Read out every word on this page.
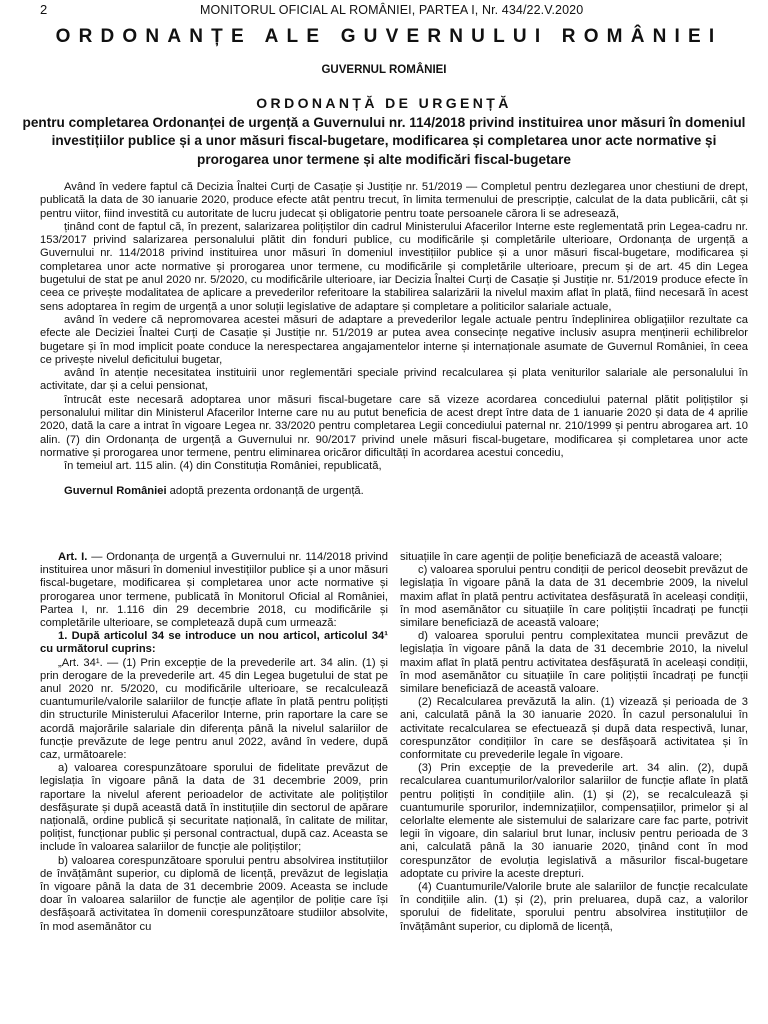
2	MONITORUL OFICIAL AL ROMÂNIEI, PARTEA I, Nr. 434/22.V.2020
ORDONANȚE ALE GUVERNULUI ROMÂNIEI
GUVERNUL ROMÂNIEI
ORDONANȚĂ DE URGENȚĂ
pentru completarea Ordonanței de urgență a Guvernului nr. 114/2018 privind instituirea unor măsuri în domeniul investițiilor publice și a unor măsuri fiscal-bugetare, modificarea și completarea unor acte normative și prorogarea unor termene și alte modificări fiscal-bugetare

Având în vedere faptul că Decizia Înaltei Curți de Casație și Justiție nr. 51/2019 — Completul pentru dezlegarea unor chestiuni de drept, publicată la data de 30 ianuarie 2020, produce efecte atât pentru trecut, în limita termenului de prescripție, calculat de la data publicării, cât și pentru viitor, fiind investită cu autoritate de lucru judecat și obligatorie pentru toate persoanele cărora li se adresează,

ținând cont de faptul că, în prezent, salarizarea polițiștilor din cadrul Ministerului Afacerilor Interne este reglementată prin Legea-cadru nr. 153/2017 privind salarizarea personalului plătit din fonduri publice, cu modificările și completările ulterioare, Ordonanța de urgență a Guvernului nr. 114/2018 privind instituirea unor măsuri în domeniul investițiilor publice și a unor măsuri fiscal-bugetare, modificarea și completarea unor acte normative și prorogarea unor termene, cu modificările și completările ulterioare, precum și de art. 45 din Legea bugetului de stat pe anul 2020 nr. 5/2020, cu modificările ulterioare, iar Decizia Înaltei Curți de Casație și Justiție nr. 51/2019 produce efecte în ceea ce privește modalitatea de aplicare a prevederilor referitoare la stabilirea salarizării la nivelul maxim aflat în plată, fiind necesară în acest sens adoptarea în regim de urgență a unor soluții legislative de adaptare și completare a politicilor salariale actuale,

având în vedere că nepromovarea acestei măsuri de adaptare a prevederilor legale actuale pentru îndeplinirea obligațiilor rezultate ca efecte ale Deciziei Înaltei Curți de Casație și Justiție nr. 51/2019 ar putea avea consecințe negative inclusiv asupra menținerii echilibrelor bugetare și în mod implicit poate conduce la nerespectarea angajamentelor interne și internaționale asumate de Guvernul României, în ceea ce privește nivelul deficitului bugetar,

având în atenție necesitatea instituirii unor reglementări speciale privind recalcularea și plata veniturilor salariale ale personalului în activitate, dar și a celui pensionat,

întrucât este necesară adoptarea unor măsuri fiscal-bugetare care să vizeze acordarea concediului paternal plătit polițiștilor și personalului militar din Ministerul Afacerilor Interne care nu au putut beneficia de acest drept între data de 1 ianuarie 2020 și data de 4 aprilie 2020, dată la care a intrat în vigoare Legea nr. 33/2020 pentru completarea Legii concediului paternal nr. 210/1999 și pentru abrogarea art. 10 alin. (7) din Ordonanța de urgență a Guvernului nr. 90/2017 privind unele măsuri fiscal-bugetare, modificarea și completarea unor acte normative și prorogarea unor termene, pentru eliminarea oricăror dificultăți în acordarea acestui concediu,

în temeiul art. 115 alin. (4) din Constituția României, republicată,

Guvernul României adoptă prezenta ordonanță de urgență.

Art. I. — Ordonanța de urgență a Guvernului nr. 114/2018 privind instituirea unor măsuri în domeniul investițiilor publice și a unor măsuri fiscal-bugetare, modificarea și completarea unor acte normative și prorogarea unor termene, publicată în Monitorul Oficial al României, Partea I, nr. 1.116 din 29 decembrie 2018, cu modificările și completările ulterioare, se completează după cum urmează:

1. După articolul 34 se introduce un nou articol, articolul 34¹ cu următorul cuprins:

„Art. 34¹. — (1) Prin excepție de la prevederile art. 34 alin. (1) și prin derogare de la prevederile art. 45 din Legea bugetului de stat pe anul 2020 nr. 5/2020, cu modificările ulterioare, se recalculează cuantumurile/valorile salariilor de funcție aflate în plată pentru polițiști din structurile Ministerului Afacerilor Interne, prin raportare la care se acordă majorările salariale din diferența până la nivelul salariilor de funcție prevăzute de lege pentru anul 2022, având în vedere, după caz, următoarele:

a) valoarea corespunzătoare sporului de fidelitate prevăzut de legislația în vigoare până la data de 31 decembrie 2009, prin raportare la nivelul aferent perioadelor de activitate ale polițiștilor desfășurate și după această dată în instituțiile din sectorul de apărare națională, ordine publică și securitate națională, în calitate de militar, polițist, funcționar public și personal contractual, după caz. Aceasta se include în valoarea salariilor de funcție ale polițiștilor;

b) valoarea corespunzătoare sporului pentru absolvirea instituțiilor de învățământ superior, cu diplomă de licență, prevăzut de legislația în vigoare până la data de 31 decembrie 2009. Aceasta se include doar în valoarea salariilor de funcție ale agenților de poliție care își desfășoară activitatea în domenii corespunzătoare studiilor absolvite, în mod asemănător cu

situațiile în care agenții de poliție beneficiază de această valoare;

c) valoarea sporului pentru condiții de pericol deosebit prevăzut de legislația în vigoare până la data de 31 decembrie 2009, la nivelul maxim aflat în plată pentru activitatea desfășurată în aceleași condiții, în mod asemănător cu situațiile în care polițiștii încadrați pe funcții similare beneficiază de această valoare;

d) valoarea sporului pentru complexitatea muncii prevăzut de legislația în vigoare până la data de 31 decembrie 2010, la nivelul maxim aflat în plată pentru activitatea desfășurată în aceleași condiții, în mod asemănător cu situațiile în care polițiștii încadrați pe funcții similare beneficiază de această valoare.

(2) Recalcularea prevăzută la alin. (1) vizează și perioada de 3 ani, calculată până la 30 ianuarie 2020. În cazul personalului în activitate recalcularea se efectuează și după data respectivă, lunar, corespunzător condițiilor în care se desfășoară activitatea și în conformitate cu prevederile legale în vigoare.

(3) Prin excepție de la prevederile art. 34 alin. (2), după recalcularea cuantumurilor/valorilor salariilor de funcție aflate în plată pentru polițiști în condițiile alin. (1) și (2), se recalculează și cuantumurile sporurilor, indemnizațiilor, compensațiilor, primelor și al celorlalte elemente ale sistemului de salarizare care fac parte, potrivit legii în vigoare, din salariul brut lunar, inclusiv pentru perioada de 3 ani, calculată până la 30 ianuarie 2020, ținând cont în mod corespunzător de evoluția legislativă a măsurilor fiscal-bugetare adoptate cu privire la aceste drepturi.

(4) Cuantumurile/Valorile brute ale salariilor de funcție recalculate în condițiile alin. (1) și (2), prin preluarea, după caz, a valorilor sporului de fidelitate, sporului pentru absolvirea instituțiilor de învățământ superior, cu diplomă de licență,
